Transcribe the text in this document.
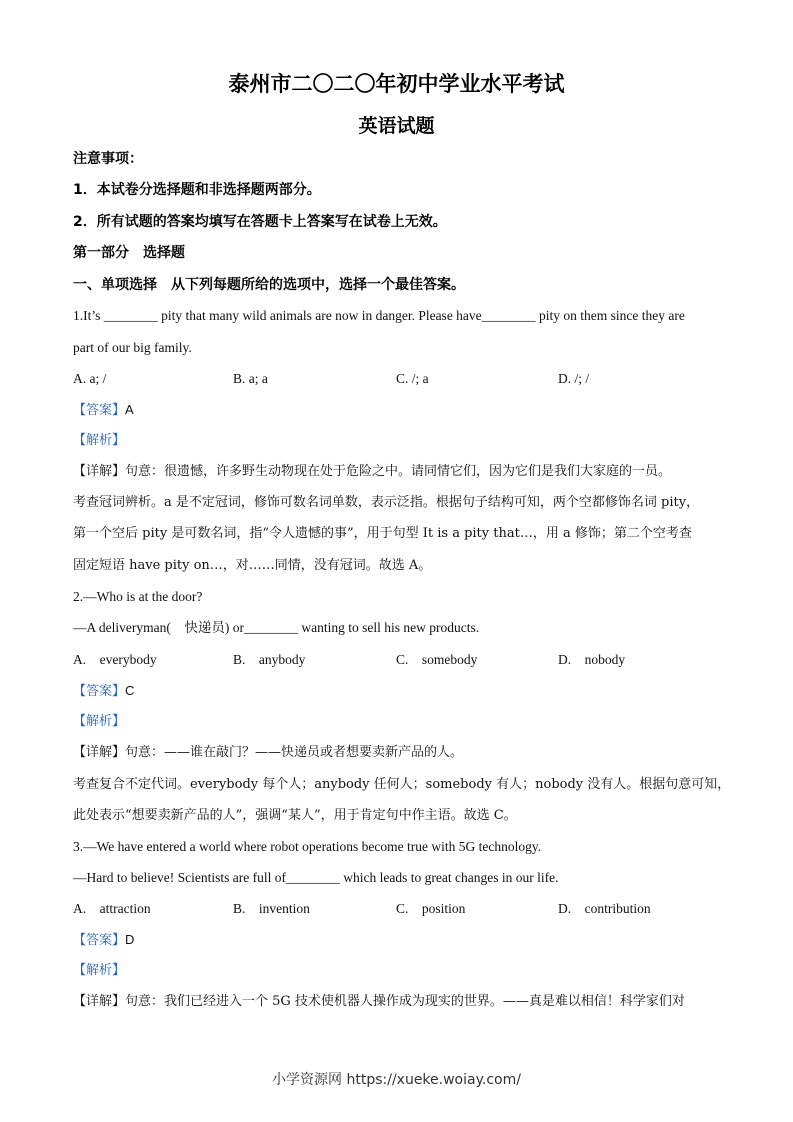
泰州市二〇二〇年初中学业水平考试
英语试题
注意事项：
1．本试卷分选择题和非选择题两部分。
2．所有试题的答案均填写在答题卡上答案写在试卷上无效。
第一部分　选择题
一、单项选择　从下列每题所给的选项中，选择一个最佳答案。
1.It’s ________ pity that many wild animals are now in danger. Please have________ pity on them since they are
part of our big family.
A. a; /	B. a; a	C. /; a	D. /; /
【答案】A
【解析】
【详解】句意：很遗憾，许多野生动物现在处于危险之中。请同情它们，因为它们是我们大家庭的一员。
考查冠词辨析。a 是不定冠词，修饰可数名词单数，表示泛指。根据句子结构可知，两个空都修饰名词 pity，
第一个空后 pity 是可数名词，指“令人遗憾的事”，用于句型 It is a pity that…，用 a 修饰；第二个空考查
固定短语 have pity on…，对……同情，没有冠词。故选 A。
2.—Who is at the door?
—A deliveryman(　快递员) or________ wanting to sell his new products.
A.　everybody	B.　anybody	C.　somebody	D.　nobody
【答案】C
【解析】
【详解】句意：——谁在敲门？——快递员或者想要卖新产品的人。
考查复合不定代词。everybody 每个人；anybody 任何人；somebody 有人；nobody 没有人。根据句意可知，
此处表示“想要卖新产品的人”，强调“某人”，用于肯定句中作主语。故选 C。
3.—We have entered a world where robot operations become true with 5G technology.
—Hard to believe! Scientists are full of________ which leads to great changes in our life.
A.　attraction	B.　invention	C.　position	D.　contribution
【答案】D
【解析】
【详解】句意：我们已经进入一个 5G 技术使机器人操作成为现实的世界。——真是难以相信！科学家们对
小学资源网 https://xueke.woiay.com/
